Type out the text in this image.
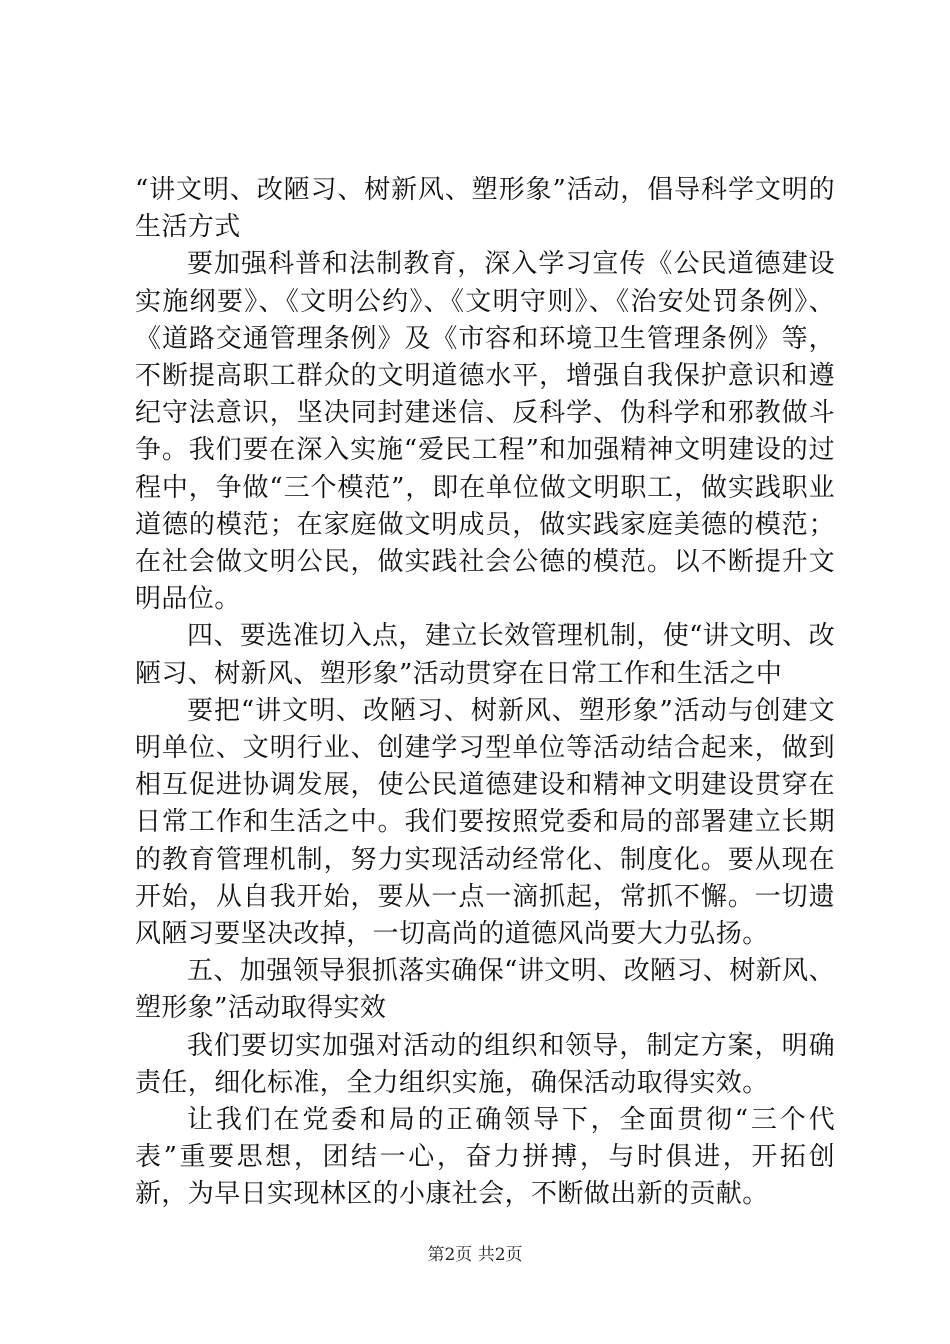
“讲文明、改陋习、树新风、塑形象”活动，倡导科学文明的生活方式

要加强科普和法制教育，深入学习宣传《公民道德建设实施纲要》、《文明公约》、《文明守则》、《治安处罚条例》、《道路交通管理条例》及《市容和环境卫生管理条例》等，不断提高职工群众的文明道德水平，增强自我保护意识和遵纪守法意识，坚决同封建迷信、反科学、伪科学和邪教做斗争。我们要在深入实施“爱民工程”和加强精神文明建设的过程中，争做“三个模范”，即在单位做文明职工，做实践职业道德的模范；在家庭做文明成员，做实践家庭美德的模范；在社会做文明公民，做实践社会公德的模范。以不断提升文明品位。

四、要选准切入点，建立长效管理机制，使“讲文明、改陋习、树新风、塑形象”活动贯穿在日常工作和生活之中

要把“讲文明、改陋习、树新风、塑形象”活动与创建文明单位、文明行业、创建学习型单位等活动结合起来，做到相互促进协调发展，使公民道德建设和精神文明建设贯穿在日常工作和生活之中。我们要按照党委和局的部署建立长期的教育管理机制，努力实现活动经常化、制度化。要从现在开始，从自我开始，要从一点一滴抓起，常抓不懈。一切遗风陋习要坚决改掉，一切高尚的道德风尚要大力弘扬。

五、加强领导狠抓落实确保“讲文明、改陋习、树新风、塑形象”活动取得实效

我们要切实加强对活动的组织和领导，制定方案，明确责任，细化标准，全力组织实施，确保活动取得实效。

让我们在党委和局的正确领导下，全面贯彻“三个代表”重要思想，团结一心，奋力拼搏，与时俱进，开拓创新，为早日实现林区的小康社会，不断做出新的贡献。

第2页 共2页
